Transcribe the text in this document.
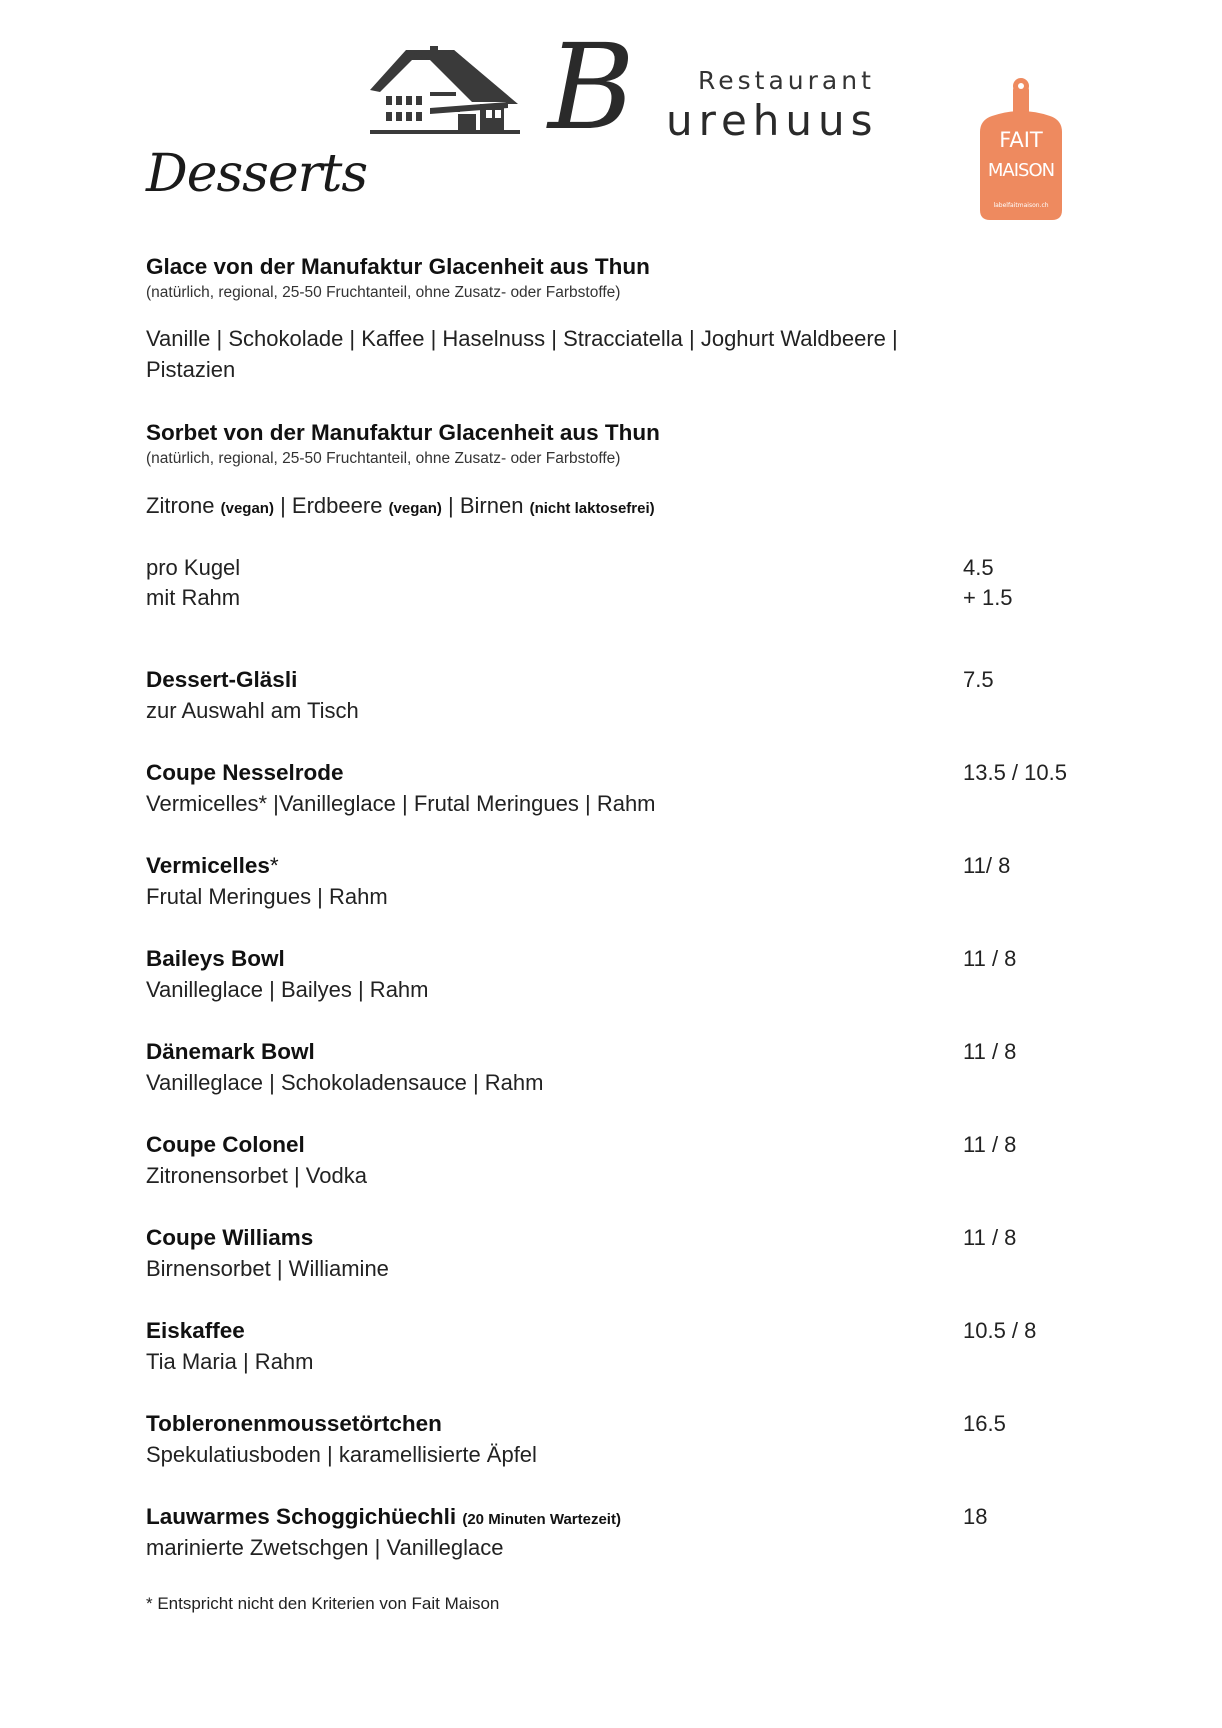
B	Restaurant
urehuus	FAIT
MAISON
labelfaitmaison.ch
Desserts
Glace von der Manufaktur Glacenheit aus Thun
(natürlich, regional, 25-50 Fruchtanteil, ohne Zusatz- oder Farbstoffe)
Vanille | Schokolade | Kaffee | Haselnuss | Stracciatella | Joghurt Waldbeere |
Pistazien
Sorbet von der Manufaktur Glacenheit aus Thun
(natürlich, regional, 25-50 Fruchtanteil, ohne Zusatz- oder Farbstoffe)
Zitrone (vegan) | Erdbeere (vegan) | Birnen (nicht laktosefrei)
pro Kugel	4.5
mit Rahm	+ 1.5
Dessert-Gläsli	7.5
zur Auswahl am Tisch
Coupe Nesselrode	13.5 / 10.5
Vermicelles* |Vanilleglace | Frutal Meringues | Rahm
Vermicelles*	11/ 8
Frutal Meringues | Rahm
Baileys Bowl	11 / 8
Vanilleglace | Bailyes | Rahm
Dänemark Bowl	11 / 8
Vanilleglace | Schokoladensauce | Rahm
Coupe Colonel	11 / 8
Zitronensorbet | Vodka
Coupe Williams	11 / 8
Birnensorbet | Williamine
Eiskaffee	10.5 / 8
Tia Maria | Rahm
Tobleronenmoussetörtchen	16.5
Spekulatiusboden | karamellisierte Äpfel
Lauwarmes Schoggichüechli (20 Minuten Wartezeit)	18
marinierte Zwetschgen | Vanilleglace
* Entspricht nicht den Kriterien von Fait Maison
